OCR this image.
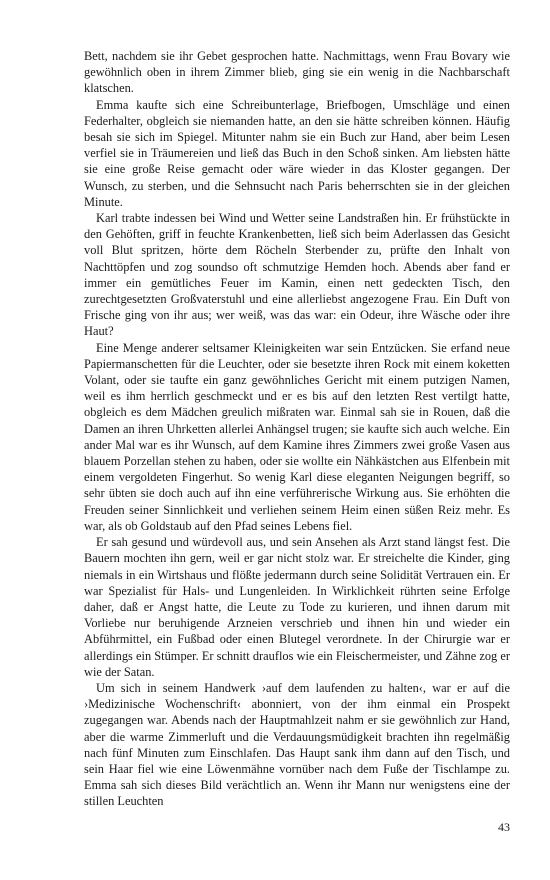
Bett, nachdem sie ihr Gebet gesprochen hatte. Nachmittags, wenn Frau Bovary wie gewöhnlich oben in ihrem Zimmer blieb, ging sie ein wenig in die Nachbarschaft klatschen.

Emma kaufte sich eine Schreibunterlage, Briefbogen, Umschläge und einen Federhalter, obgleich sie niemanden hatte, an den sie hätte schreiben können. Häufig besah sie sich im Spiegel. Mitunter nahm sie ein Buch zur Hand, aber beim Lesen verfiel sie in Träumereien und ließ das Buch in den Schoß sinken. Am liebsten hätte sie eine große Reise gemacht oder wäre wieder in das Kloster gegangen. Der Wunsch, zu sterben, und die Sehnsucht nach Paris beherrschten sie in der gleichen Minute.

Karl trabte indessen bei Wind und Wetter seine Landstraßen hin. Er frühstückte in den Gehöften, griff in feuchte Krankenbetten, ließ sich beim Aderlassen das Gesicht voll Blut spritzen, hörte dem Röcheln Sterbender zu, prüfte den Inhalt von Nachttöpfen und zog soundso oft schmutzige Hemden hoch. Abends aber fand er immer ein gemütliches Feuer im Kamin, einen nett gedeckten Tisch, den zurechtgesetzten Großvaterstuhl und eine allerliebst angezogene Frau. Ein Duft von Frische ging von ihr aus; wer weiß, was das war: ein Odeur, ihre Wäsche oder ihre Haut?

Eine Menge anderer seltsamer Kleinigkeiten war sein Entzücken. Sie erfand neue Papiermanschetten für die Leuchter, oder sie besetzte ihren Rock mit einem koketten Volant, oder sie taufte ein ganz gewöhnliches Gericht mit einem putzigen Namen, weil es ihm herrlich geschmeckt und er es bis auf den letzten Rest vertilgt hatte, obgleich es dem Mädchen greulich mißraten war. Einmal sah sie in Rouen, daß die Damen an ihren Uhrketten allerlei Anhängsel trugen; sie kaufte sich auch welche. Ein ander Mal war es ihr Wunsch, auf dem Kamine ihres Zimmers zwei große Vasen aus blauem Porzellan stehen zu haben, oder sie wollte ein Nähkästchen aus Elfenbein mit einem vergoldeten Fingerhut. So wenig Karl diese eleganten Neigungen begriff, so sehr übten sie doch auch auf ihn eine verführerische Wirkung aus. Sie erhöhten die Freuden seiner Sinnlichkeit und verliehen seinem Heim einen süßen Reiz mehr. Es war, als ob Goldstaub auf den Pfad seines Lebens fiel.

Er sah gesund und würdevoll aus, und sein Ansehen als Arzt stand längst fest. Die Bauern mochten ihn gern, weil er gar nicht stolz war. Er streichelte die Kinder, ging niemals in ein Wirtshaus und flößte jedermann durch seine Solidität Vertrauen ein. Er war Spezialist für Hals- und Lungenleiden. In Wirklichkeit rührten seine Erfolge daher, daß er Angst hatte, die Leute zu Tode zu kurieren, und ihnen darum mit Vorliebe nur beruhigende Arzneien verschrieb und ihnen hin und wieder ein Abführmittel, ein Fußbad oder einen Blutegel verordnete. In der Chirurgie war er allerdings ein Stümper. Er schnitt drauflos wie ein Fleischermeister, und Zähne zog er wie der Satan.

Um sich in seinem Handwerk ›auf dem laufenden zu halten‹, war er auf die ›Medizinische Wochenschrift‹ abonniert, von der ihm einmal ein Prospekt zugegangen war. Abends nach der Hauptmahlzeit nahm er sie gewöhnlich zur Hand, aber die warme Zimmerluft und die Verdauungsmüdigkeit brachten ihn regelmäßig nach fünf Minuten zum Einschlafen. Das Haupt sank ihm dann auf den Tisch, und sein Haar fiel wie eine Löwenmähne vornüber nach dem Fuße der Tischlampe zu. Emma sah sich dieses Bild verächtlich an. Wenn ihr Mann nur wenigstens eine der stillen Leuchten

43
